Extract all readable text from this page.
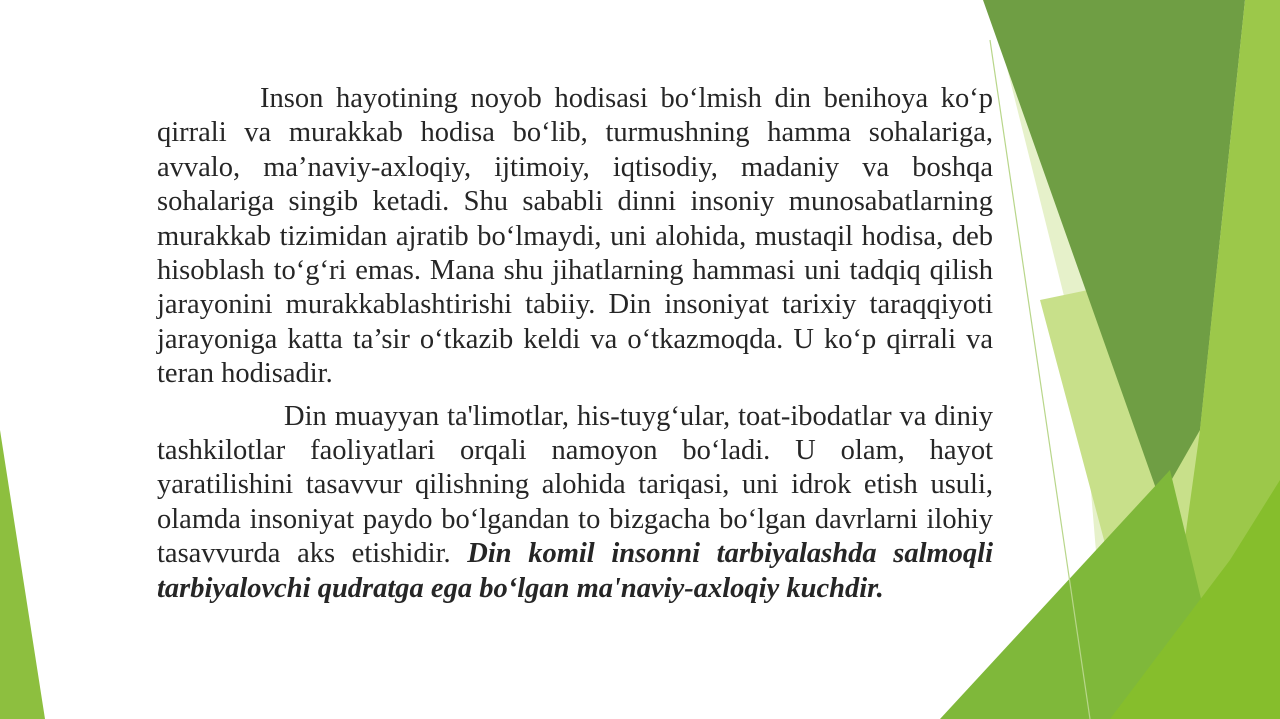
Inson hayotining noyob hodisasi bo‘lmish din benihoya ko‘p qirrali va murakkab hodisa bo‘lib, turmushning hamma sohalariga, avvalo, ma’naviy-axloqiy, ijtimoiy, iqtisodiy, madaniy va boshqa sohalariga singib ketadi. Shu sababli dinni insoniy munosabatlarning murakkab tizimidan ajratib bo‘lmaydi, uni alohida, mustaqil hodisa, deb hisoblash to‘g‘ri emas. Mana shu jihatlarning hammasi uni tadqiq qilish jarayonini murakkablashtirishi tabiiy. Din insoniyat tarixiy taraqqiyoti jarayoniga katta ta’sir o‘tkazib keldi va o‘tkazmoqda. U ko‘p qirrali va teran hodisadir.

Din muayyan ta'limotlar, his-tuyg‘ular, toat-ibodatlar va diniy tashkilotlar faoliyatlari orqali namoyon bo‘ladi. U olam, hayot yaratilishini tasavvur qilishning alohida tariqasi, uni idrok etish usuli, olamda insoniyat paydo bo‘lgandan to bizgacha bo‘lgan davrlarni ilohiy tasavvurda aks etishidir. Din komil insonni tarbiyalashda salmoqli tarbiyalovchi qudratga ega bo‘lgan ma'naviy-axloqiy kuchdir.
